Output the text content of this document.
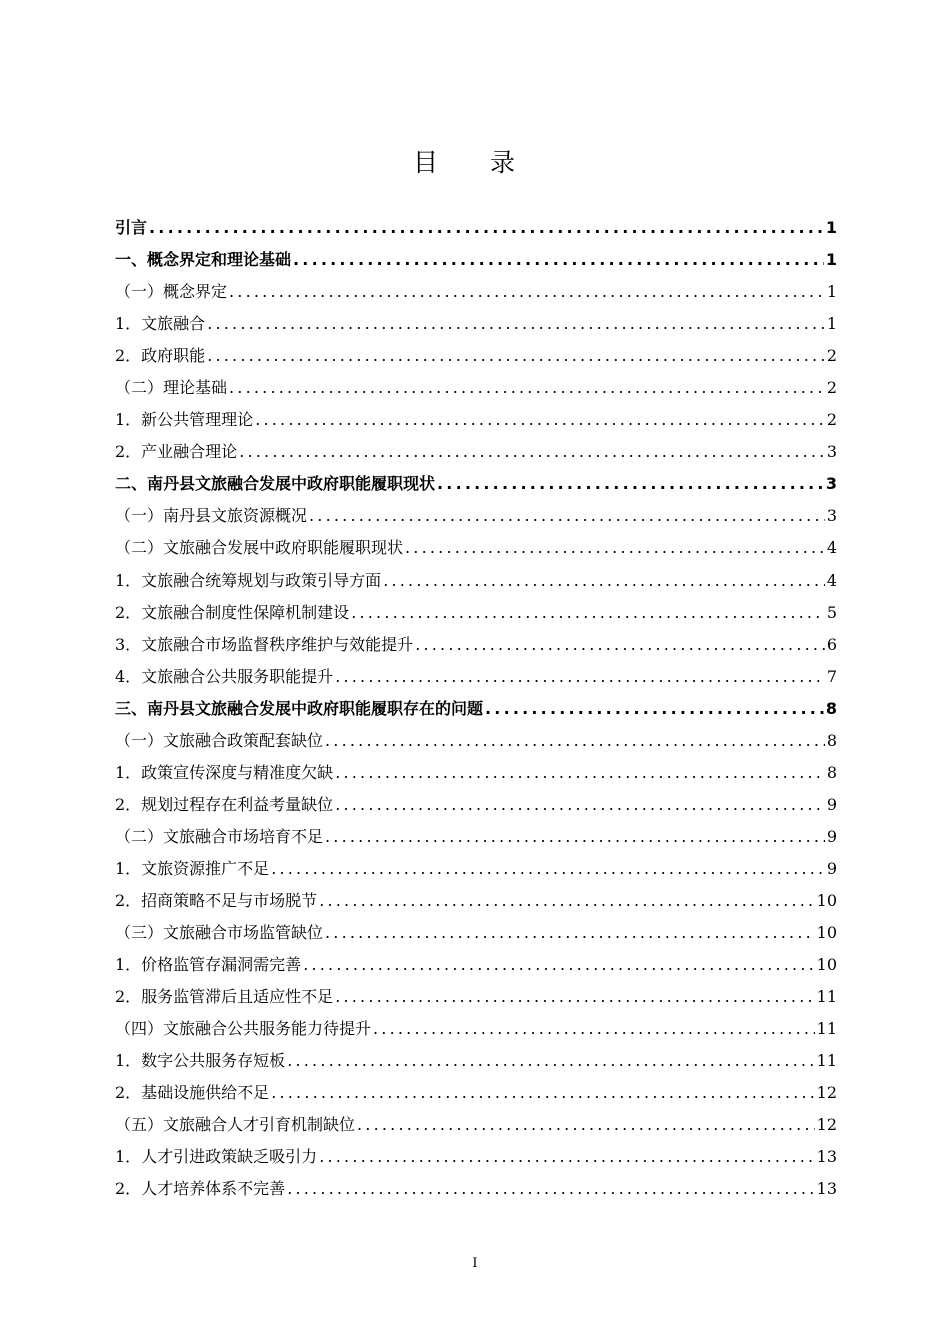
目 录
引言 .....	1
一、概念界定和理论基础 .....	1
（一）概念界定 .....	1
1．文旅融合 .....	1
2．政府职能 .....	2
（二）理论基础 .....	2
1．新公共管理理论 .....	2
2．产业融合理论 .....	3
二、南丹县文旅融合发展中政府职能履职现状 .....	3
（一）南丹县文旅资源概况 .....	3
（二）文旅融合发展中政府职能履职现状 .....	4
1．文旅融合统筹规划与政策引导方面 .....	4
2．文旅融合制度性保障机制建设 .....	5
3．文旅融合市场监督秩序维护与效能提升 .....	6
4．文旅融合公共服务职能提升 .....	7
三、南丹县文旅融合发展中政府职能履职存在的问题 .....	8
（一）文旅融合政策配套缺位 .....	8
1．政策宣传深度与精准度欠缺 .....	8
2．规划过程存在利益考量缺位 .....	9
（二）文旅融合市场培育不足 .....	9
1．文旅资源推广不足 .....	9
2．招商策略不足与市场脱节 .....	10
（三）文旅融合市场监管缺位 .....	10
1．价格监管存漏洞需完善 .....	10
2．服务监管滞后且适应性不足 .....	11
（四）文旅融合公共服务能力待提升 .....	11
1．数字公共服务存短板 .....	11
2．基础设施供给不足 .....	12
（五）文旅融合人才引育机制缺位 .....	12
1．人才引进政策缺乏吸引力 .....	13
2．人才培养体系不完善 .....	13
I
